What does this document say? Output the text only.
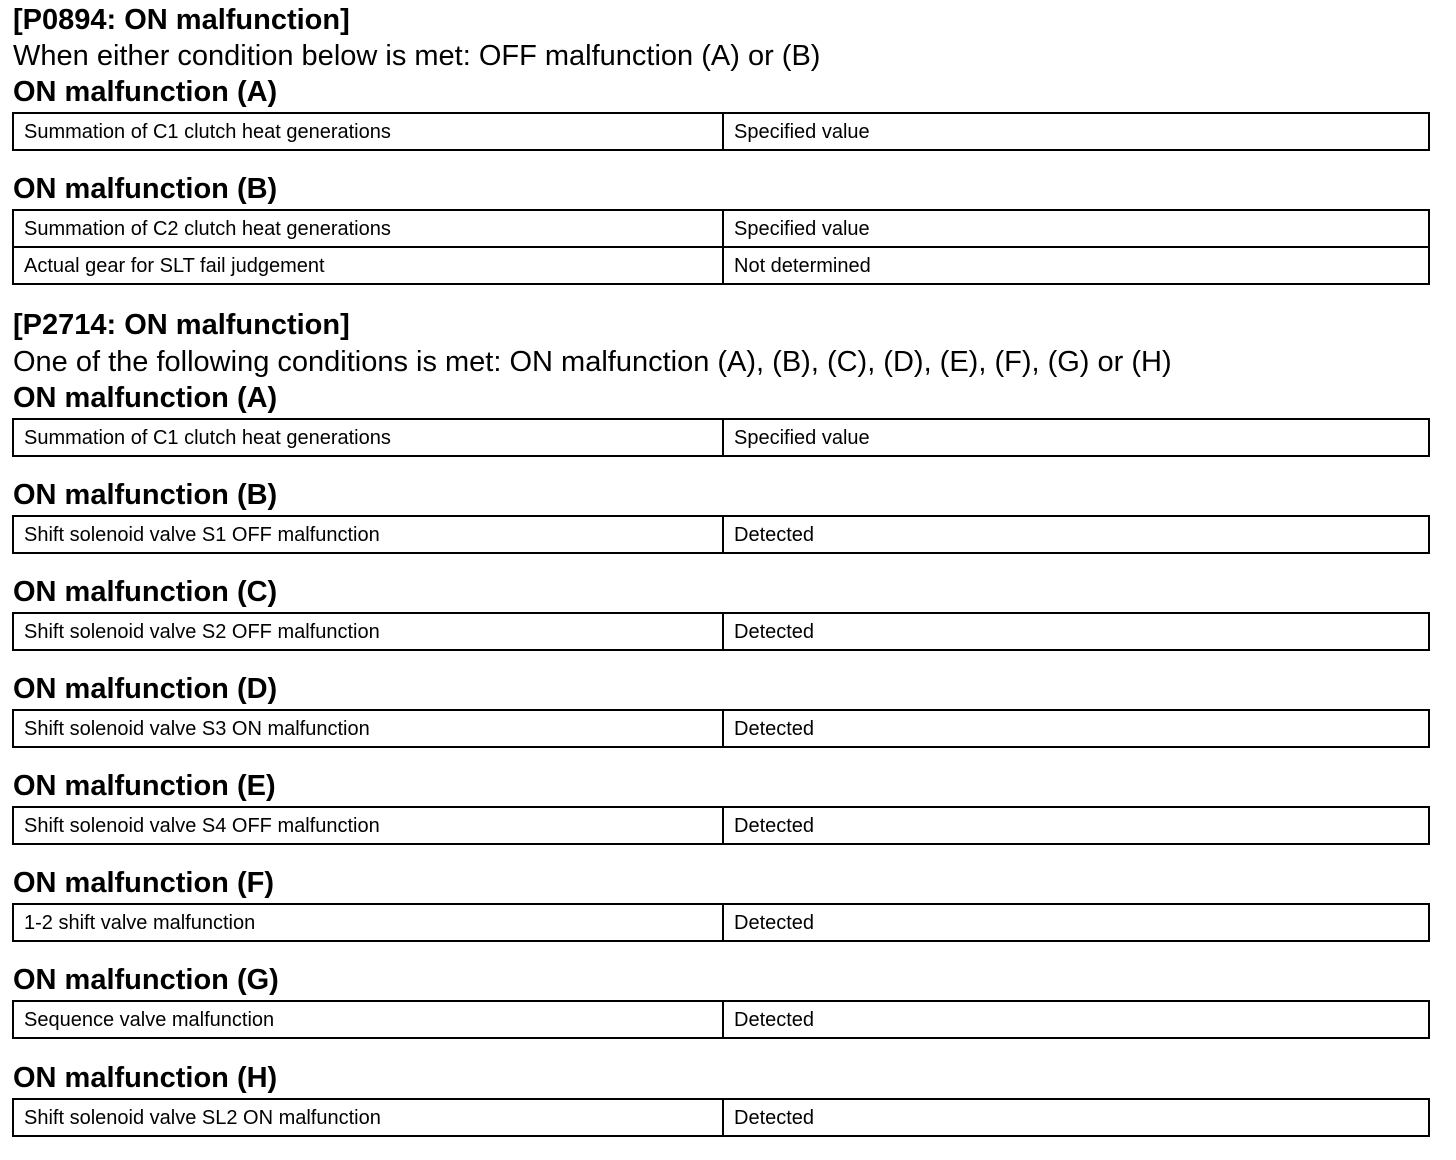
[P0894: ON malfunction]
When either condition below is met: OFF malfunction (A) or (B)
ON malfunction (A)
Summation of C1 clutch heat generations	Specified value
ON malfunction (B)
Summation of C2 clutch heat generations	Specified value
Actual gear for SLT fail judgement	Not determined
[P2714: ON malfunction]
One of the following conditions is met: ON malfunction (A), (B), (C), (D), (E), (F), (G) or (H)
ON malfunction (A)
Summation of C1 clutch heat generations	Specified value
ON malfunction (B)
Shift solenoid valve S1 OFF malfunction	Detected
ON malfunction (C)
Shift solenoid valve S2 OFF malfunction	Detected
ON malfunction (D)
Shift solenoid valve S3 ON malfunction	Detected
ON malfunction (E)
Shift solenoid valve S4 OFF malfunction	Detected
ON malfunction (F)
1-2 shift valve malfunction	Detected
ON malfunction (G)
Sequence valve malfunction	Detected
ON malfunction (H)
Shift solenoid valve SL2 ON malfunction	Detected
